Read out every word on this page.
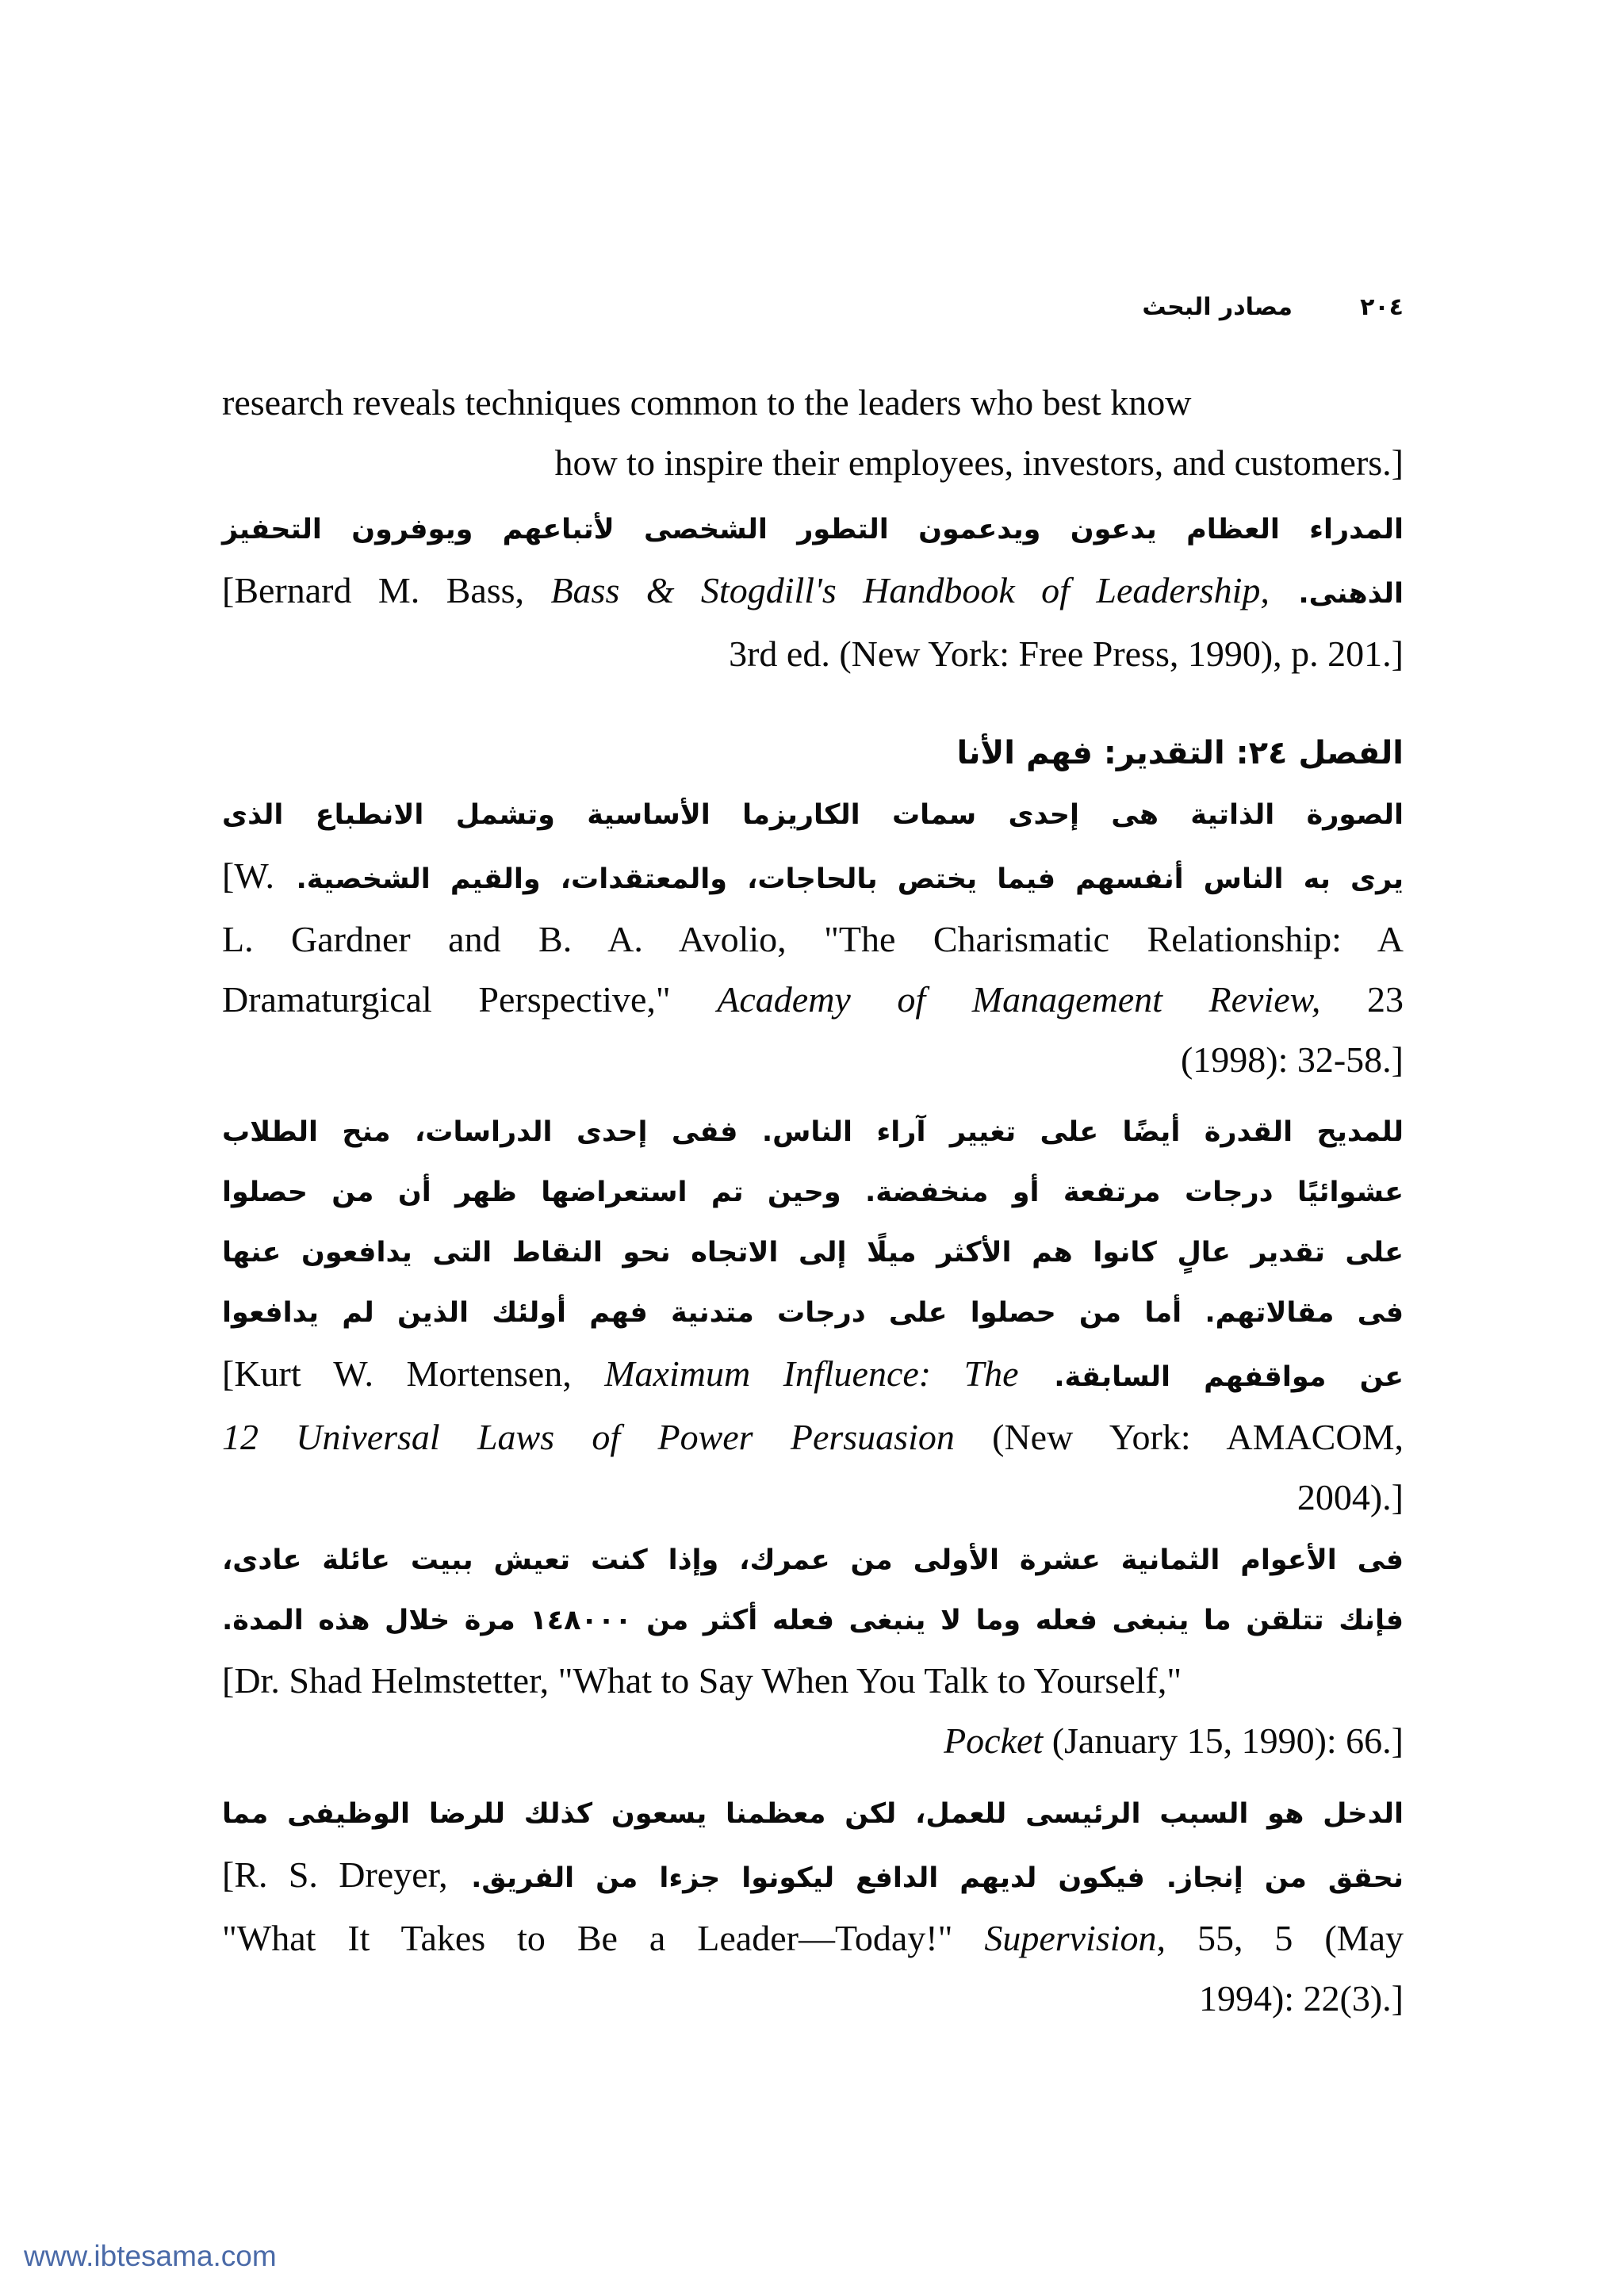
٢٠٤
مصادر البحث
research reveals techniques common to the leaders who best know
how to inspire their employees, investors, and customers.]
المدراء العظام يدعون ويدعمون التطور الشخصى لأتباعهم ويوفرون التحفيز
الذهنى. [Bernard M. Bass, Bass & Stogdill's Handbook of Leadership,
3rd ed. (New York: Free Press, 1990), p. 201.]
الفصل ٢٤: التقدير: فهم الأنا
الصورة الذاتية هى إحدى سمات الكاريزما الأساسية وتشمل الانطباع الذى
يرى به الناس أنفسهم فيما يختص بالحاجات، والمعتقدات، والقيم الشخصية. [W.
L. Gardner and B. A. Avolio, "The Charismatic Relationship: A
Dramaturgical Perspective," Academy of Management Review, 23
(1998): 32-58.]
للمديح القدرة أيضًا على تغيير آراء الناس. ففى إحدى الدراسات، منح الطلاب
عشوائيًا درجات مرتفعة أو منخفضة. وحين تم استعراضها ظهر أن من حصلوا
على تقدير عالٍ كانوا هم الأكثر ميلًا إلى الاتجاه نحو النقاط التى يدافعون عنها
فى مقالاتهم. أما من حصلوا على درجات متدنية فهم أولئك الذين لم يدافعوا
عن مواقفهم السابقة. [Kurt W. Mortensen, Maximum Influence: The
12 Universal Laws of Power Persuasion (New York: AMACOM,
2004).]
فى الأعوام الثمانية عشرة الأولى من عمرك، وإذا كنت تعيش ببيت عائلة عادى،
فإنك تتلقن ما ينبغى فعله وما لا ينبغى فعله أكثر من ١٤٨٠٠٠ مرة خلال هذه المدة.
[Dr. Shad Helmstetter, "What to Say When You Talk to Yourself,"
Pocket (January 15, 1990): 66.]
الدخل هو السبب الرئيسى للعمل، لكن معظمنا يسعون كذلك للرضا الوظيفى مما
نحقق من إنجاز. فيكون لديهم الدافع ليكونوا جزءا من الفريق. [R. S. Dreyer,
"What It Takes to Be a Leader—Today!" Supervision, 55, 5 (May
1994): 22(3).]
www.ibtesama.com
